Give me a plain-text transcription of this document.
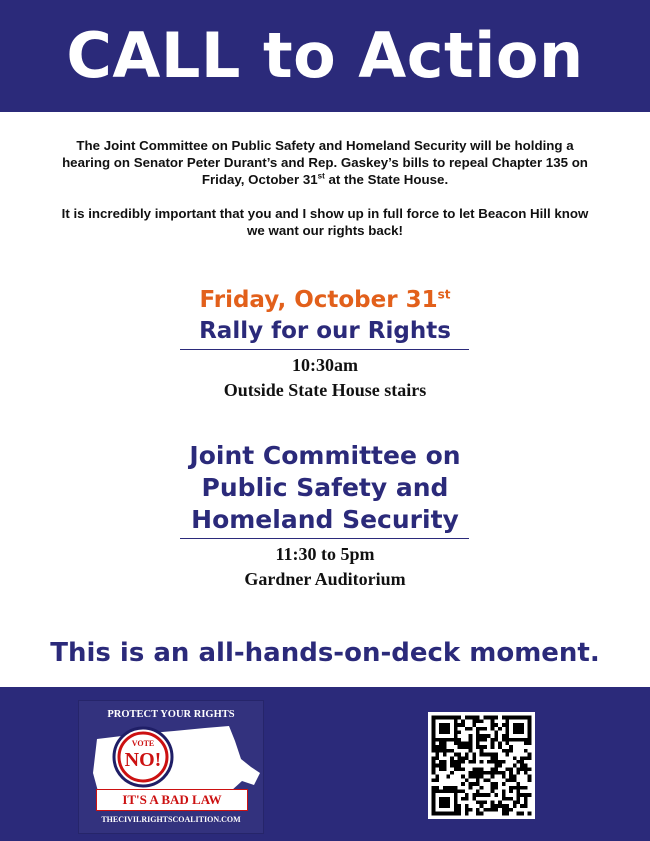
CALL to Action

The Joint Committee on Public Safety and Homeland Security will be holding a hearing on Senator Peter Durant’s and Rep. Gaskey’s bills to repeal Chapter 135 on Friday, October 31st at the State House.

It is incredibly important that you and I show up in full force to let Beacon Hill know we want our rights back!

Friday, October 31st
Rally for our Rights
10:30am
Outside State House stairs
Joint Committee on
Public Safety and
Homeland Security
11:30 to 5pm
Gardner Auditorium
This is an all-hands-on-deck moment.
PROTECT YOUR RIGHTS
VOTE
NO!
IT'S A BAD LAW
THECIVILRIGHTSCOALITION.COM
